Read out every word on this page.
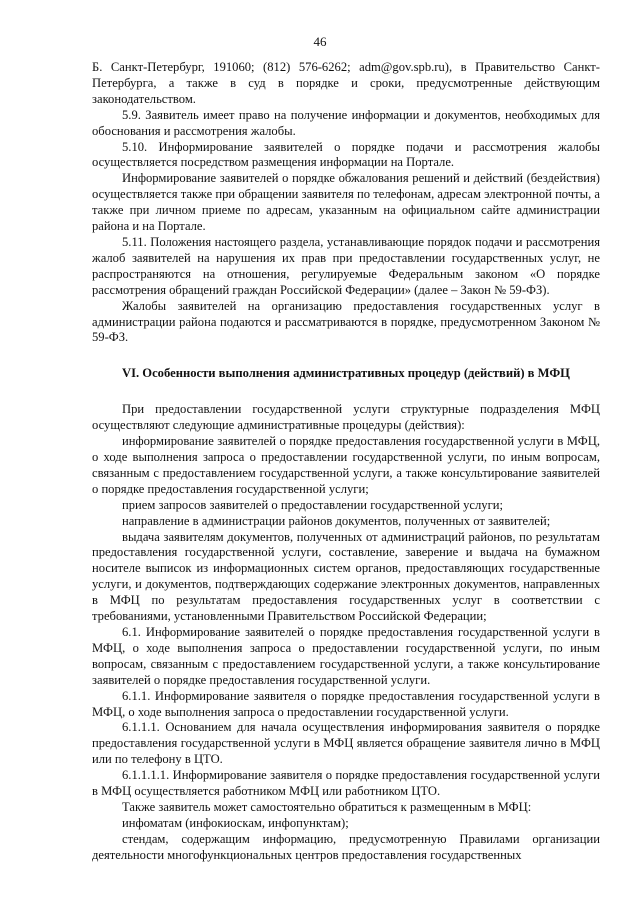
46

Б. Санкт-Петербург, 191060; (812) 576-6262; adm@gov.spb.ru), в Правительство Санкт-Петербурга, а также в суд в порядке и сроки, предусмотренные действующим законодательством.

5.9. Заявитель имеет право на получение информации и документов, необходимых для обоснования и рассмотрения жалобы.

5.10. Информирование заявителей о порядке подачи и рассмотрения жалобы осуществляется посредством размещения информации на Портале.

Информирование заявителей о порядке обжалования решений и действий (бездействия) осуществляется также при обращении заявителя по телефонам, адресам электронной почты, а также при личном приеме по адресам, указанным на официальном сайте администрации района и на Портале.

5.11. Положения настоящего раздела, устанавливающие порядок подачи и рассмотрения жалоб заявителей на нарушения их прав при предоставлении государственных услуг, не распространяются на отношения, регулируемые Федеральным законом «О порядке рассмотрения обращений граждан Российской Федерации» (далее – Закон № 59-ФЗ).

Жалобы заявителей на организацию предоставления государственных услуг в администрации района подаются и рассматриваются в порядке, предусмотренном Законом № 59-ФЗ.

VI. Особенности выполнения административных процедур (действий) в МФЦ

При предоставлении государственной услуги структурные подразделения МФЦ осуществляют следующие административные процедуры (действия):

информирование заявителей о порядке предоставления государственной услуги в МФЦ, о ходе выполнения запроса о предоставлении государственной услуги, по иным вопросам, связанным с предоставлением государственной услуги, а также консультирование заявителей о порядке предоставления государственной услуги;

прием запросов заявителей о предоставлении государственной услуги;

направление в администрации районов документов, полученных от заявителей;

выдача заявителям документов, полученных от администраций районов, по результатам предоставления государственной услуги, составление, заверение и выдача на бумажном носителе выписок из информационных систем органов, предоставляющих государственные услуги, и документов, подтверждающих содержание электронных документов, направленных в МФЦ по результатам предоставления государственных услуг в соответствии с требованиями, установленными Правительством Российской Федерации;

6.1. Информирование заявителей о порядке предоставления государственной услуги в МФЦ, о ходе выполнения запроса о предоставлении государственной услуги, по иным вопросам, связанным с предоставлением государственной услуги, а также консультирование заявителей о порядке предоставления государственной услуги.

6.1.1. Информирование заявителя о порядке предоставления государственной услуги в МФЦ, о ходе выполнения запроса о предоставлении государственной услуги.

6.1.1.1. Основанием для начала осуществления информирования заявителя о порядке предоставления государственной услуги в МФЦ является обращение заявителя лично в МФЦ или по телефону в ЦТО.

6.1.1.1.1. Информирование заявителя о порядке предоставления государственной услуги в МФЦ осуществляется работником МФЦ или работником ЦТО.

Также заявитель может самостоятельно обратиться к размещенным в МФЦ:

инфоматам (инфокиоскам, инфопунктам);

стендам, содержащим информацию, предусмотренную Правилами организации деятельности многофункциональных центров предоставления государственных
